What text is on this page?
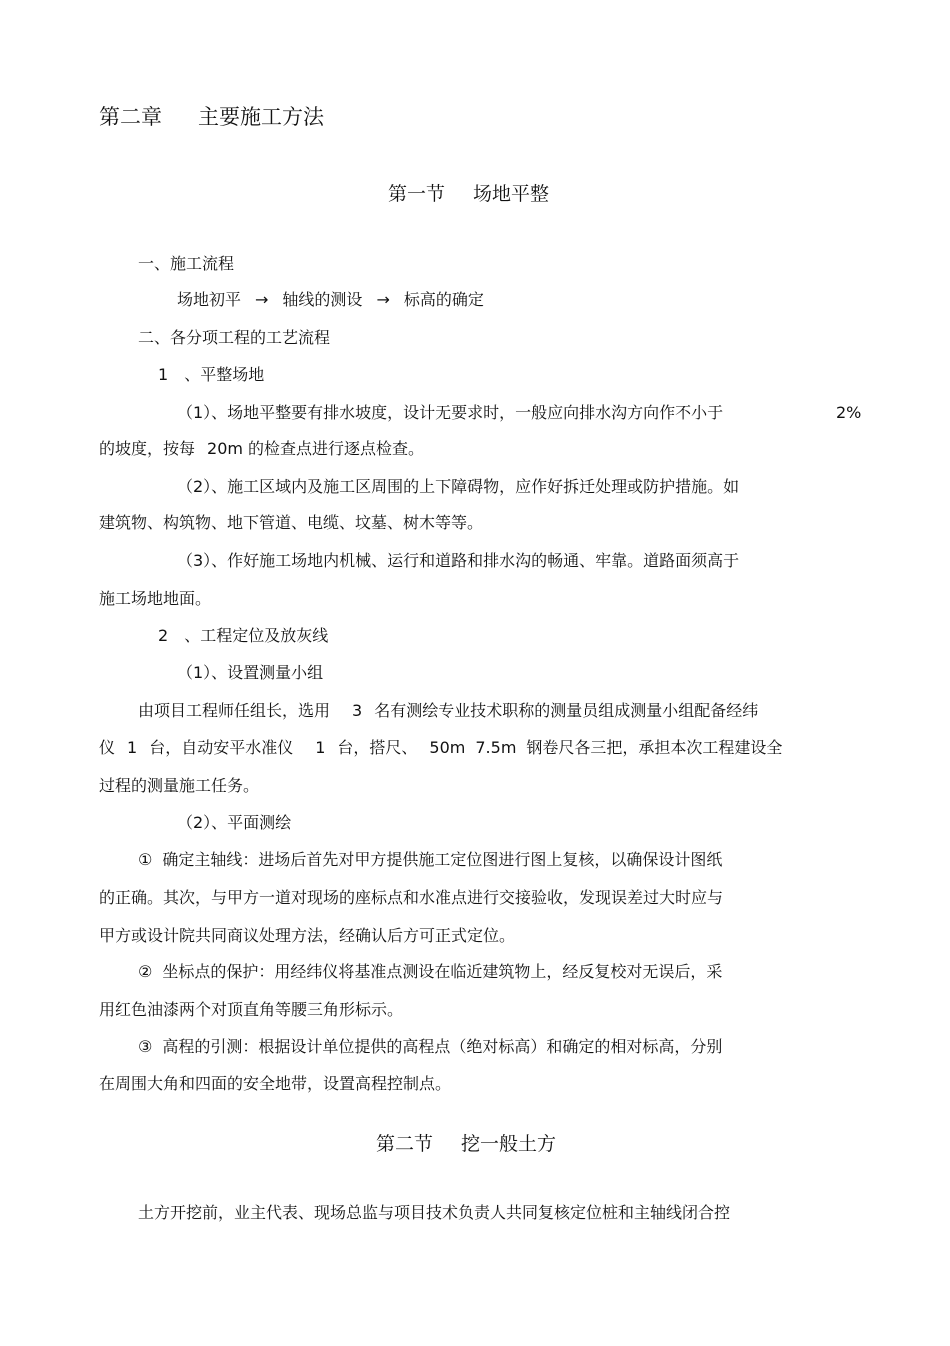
第二章 主要施工方法
第一节 场地平整
一、施工流程
场地初平 → 轴线的测设 → 标高的确定
二、各分项工程的工艺流程
1 、平整场地
（1）、场地平整要有排水坡度，设计无要求时，一般应向排水沟方向作不小于	2%
的坡度，按每 20m 的检查点进行逐点检查。
（2）、施工区域内及施工区周围的上下障碍物，应作好拆迁处理或防护措施。如
建筑物、构筑物、地下管道、电缆、坟墓、树木等等。
（3）、作好施工场地内机械、运行和道路和排水沟的畅通、牢靠。道路面须高于
施工场地地面。
2 、工程定位及放灰线
（1）、设置测量小组
由项目工程师任组长，选用 3 名有测绘专业技术职称的测量员组成测量小组配备经纬
仪 1 台，自动安平水准仪 1 台，搭尺、 50m 7.5m 钢卷尺各三把，承担本次工程建设全
过程的测量施工任务。
（2）、平面测绘
① 确定主轴线：进场后首先对甲方提供施工定位图进行图上复核，以确保设计图纸
的正确。其次，与甲方一道对现场的座标点和水准点进行交接验收，发现误差过大时应与
甲方或设计院共同商议处理方法，经确认后方可正式定位。
② 坐标点的保护：用经纬仪将基准点测设在临近建筑物上，经反复校对无误后，采
用红色油漆两个对顶直角等腰三角形标示。
③ 高程的引测：根据设计单位提供的高程点（绝对标高）和确定的相对标高，分别
在周围大角和四面的安全地带，设置高程控制点。
第二节 挖一般土方
土方开挖前，业主代表、现场总监与项目技术负责人共同复核定位桩和主轴线闭合控
